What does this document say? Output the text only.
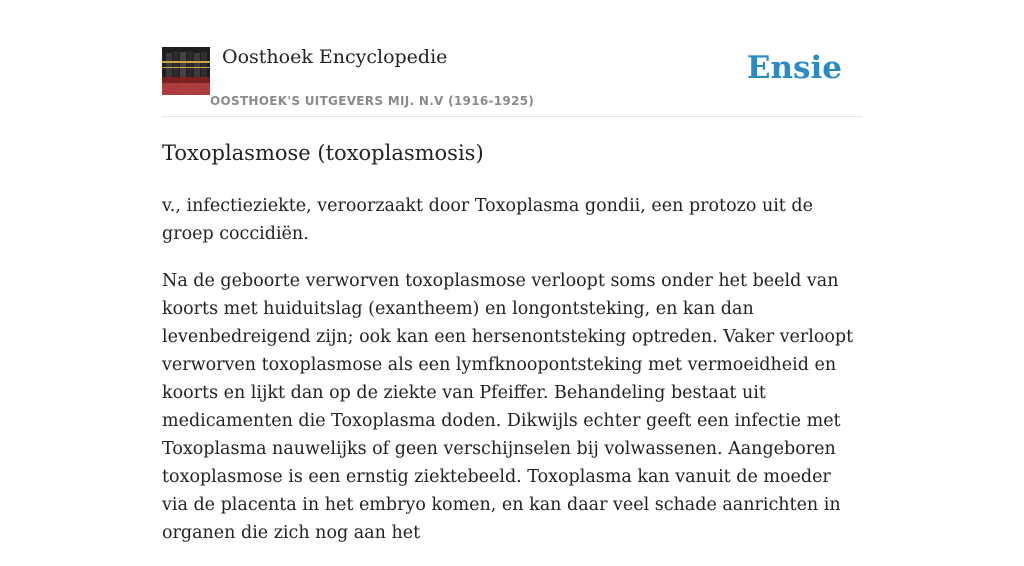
Oosthoek Encyclopedie
OOSTHOEK'S UITGEVERS MIJ. N.V (1916-1925)
Ensie
Toxoplasmose (toxoplasmosis)

v., infectieziekte, veroorzaakt door Toxoplasma gondii, een protozo uit de groep coccidiën.

Na de geboorte verworven toxoplasmose verloopt soms onder het beeld van koorts met huiduitslag (exantheem) en longontsteking, en kan dan levenbedreigend zijn; ook kan een hersenontsteking optreden. Vaker verloopt verworven toxoplasmose als een lymfknoopontsteking met vermoeidheid en koorts en lijkt dan op de ziekte van Pfeiffer. Behandeling bestaat uit medicamenten die Toxoplasma doden. Dikwijls echter geeft een infectie met Toxoplasma nauwelijks of geen verschijnselen bij volwassenen. Aangeboren toxoplasmose is een ernstig ziektebeeld. Toxoplasma kan vanuit de moeder via de placenta in het embryo komen, en kan daar veel schade aanrichten in organen die zich nog aan het
